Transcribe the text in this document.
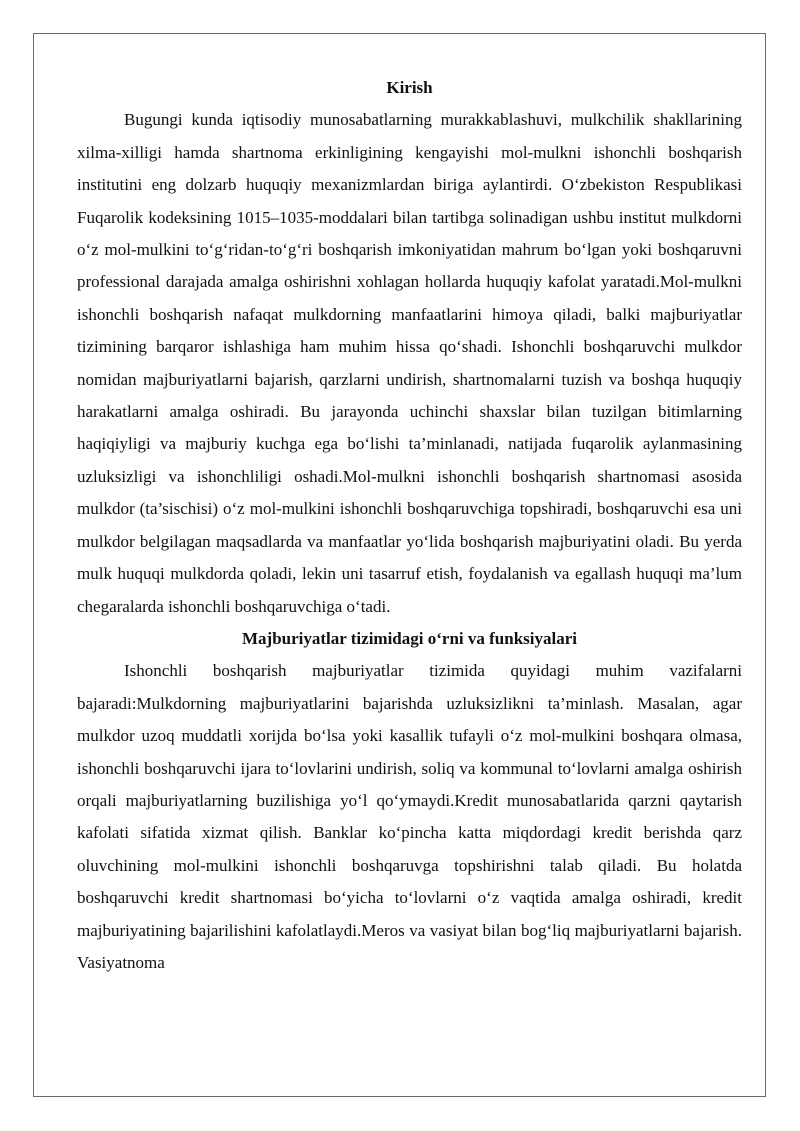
Kirish

Bugungi kunda iqtisodiy munosabatlarning murakkablashuvi, mulkchilik shakllarining xilma-xilligi hamda shartnoma erkinligining kengayishi mol-mulkni ishonchli boshqarish institutini eng dolzarb huquqiy mexanizmlardan biriga aylantirdi. O‘zbekiston Respublikasi Fuqarolik kodeksining 1015–1035-moddalari bilan tartibga solinadigan ushbu institut mulkdorni o‘z mol-mulkini to‘g‘ridan-to‘g‘ri boshqarish imkoniyatidan mahrum bo‘lgan yoki boshqaruvni professional darajada amalga oshirishni xohlagan hollarda huquqiy kafolat yaratadi.Mol-mulkni ishonchli boshqarish nafaqat mulkdorning manfaatlarini himoya qiladi, balki majburiyatlar tizimining barqaror ishlashiga ham muhim hissa qo‘shadi. Ishonchli boshqaruvchi mulkdor nomidan majburiyatlarni bajarish, qarzlarni undirish, shartnomalarni tuzish va boshqa huquqiy harakatlarni amalga oshiradi. Bu jarayonda uchinchi shaxslar bilan tuzilgan bitimlarning haqiqiyligi va majburiy kuchga ega bo‘lishi ta’minlanadi, natijada fuqarolik aylanmasining uzluksizligi va ishonchliligi oshadi.Mol-mulkni ishonchli boshqarish shartnomasi asosida mulkdor (ta’sischisi) o‘z mol-mulkini ishonchli boshqaruvchiga topshiradi, boshqaruvchi esa uni mulkdor belgilagan maqsadlarda va manfaatlar yo‘lida boshqarish majburiyatini oladi. Bu yerda mulk huquqi mulkdorda qoladi, lekin uni tasarruf etish, foydalanish va egallash huquqi ma’lum chegaralarda ishonchli boshqaruvchiga o‘tadi.

Majburiyatlar tizimidagi o‘rni va funksiyalari

Ishonchli boshqarish majburiyatlar tizimida quyidagi muhim vazifalarni bajaradi:Mulkdorning majburiyatlarini bajarishda uzluksizlikni ta’minlash. Masalan, agar mulkdor uzoq muddatli xorijda bo‘lsa yoki kasallik tufayli o‘z mol-mulkini boshqara olmasa, ishonchli boshqaruvchi ijara to‘lovlarini undirish, soliq va kommunal to‘lovlarni amalga oshirish orqali majburiyatlarning buzilishiga yo‘l qo‘ymaydi.Kredit munosabatlarida qarzni qaytarish kafolati sifatida xizmat qilish. Banklar ko‘pincha katta miqdordagi kredit berishda qarz oluvchining mol-mulkini ishonchli boshqaruvga topshirishni talab qiladi. Bu holatda boshqaruvchi kredit shartnomasi bo‘yicha to‘lovlarni o‘z vaqtida amalga oshiradi, kredit majburiyatining bajarilishini kafolatlaydi.Meros va vasiyat bilan bog‘liq majburiyatlarni bajarish. Vasiyatnoma
